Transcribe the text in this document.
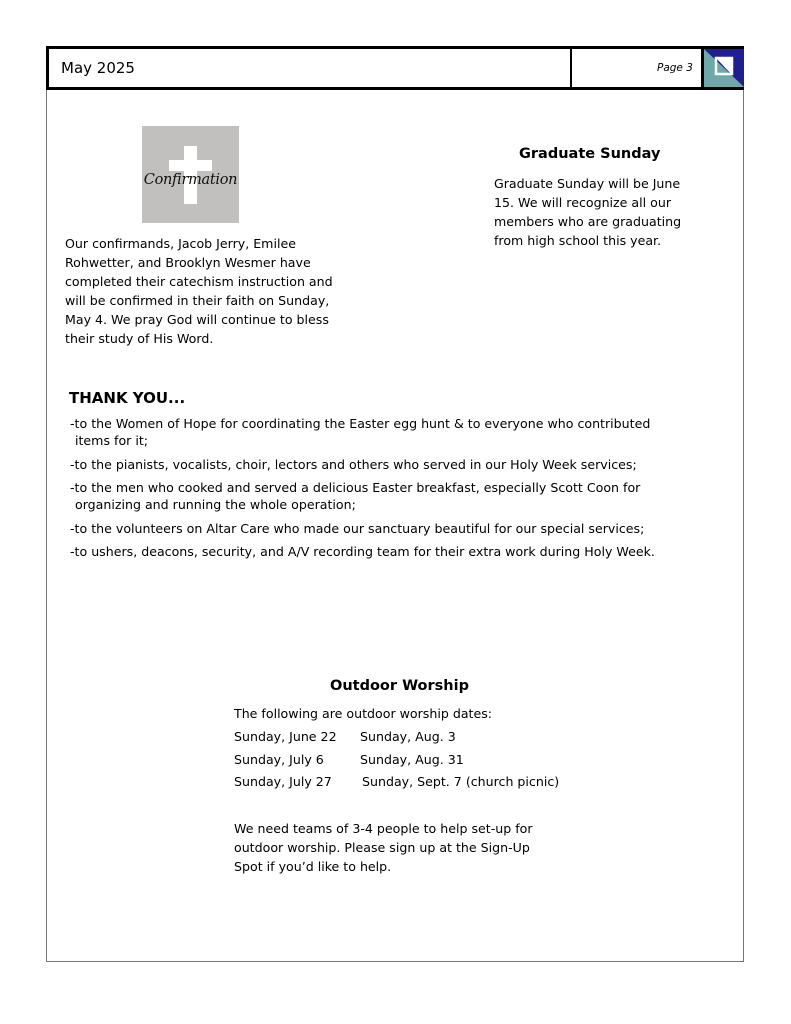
May 2025	Page 3
Confirmation

Our confirmands, Jacob Jerry, Emilee Rohwetter, and Brooklyn Wesmer have completed their catechism instruction and will be confirmed in their faith on Sunday, May 4. We pray God will continue to bless their study of His Word.

Graduate Sunday

Graduate Sunday will be June 15. We will recognize all our members who are graduating from high school this year.

THANK YOU...
-to the Women of Hope for coordinating the Easter egg hunt & to everyone who contributed items for it;
-to the pianists, vocalists, choir, lectors and others who served in our Holy Week services;
-to the men who cooked and served a delicious Easter breakfast, especially Scott Coon for organizing and running the whole operation;
-to the volunteers on Altar Care who made our sanctuary beautiful for our special services;
-to ushers, deacons, security, and A/V recording team for their extra work during Holy Week.
Outdoor Worship
The following are outdoor worship dates:
Sunday, June 22 Sunday, Aug. 3
Sunday, July 6	Sunday, Aug. 31
Sunday, July 27 Sunday, Sept. 7 (church picnic)

We need teams of 3-4 people to help set-up for outdoor worship. Please sign up at the Sign-Up Spot if you’d like to help.
